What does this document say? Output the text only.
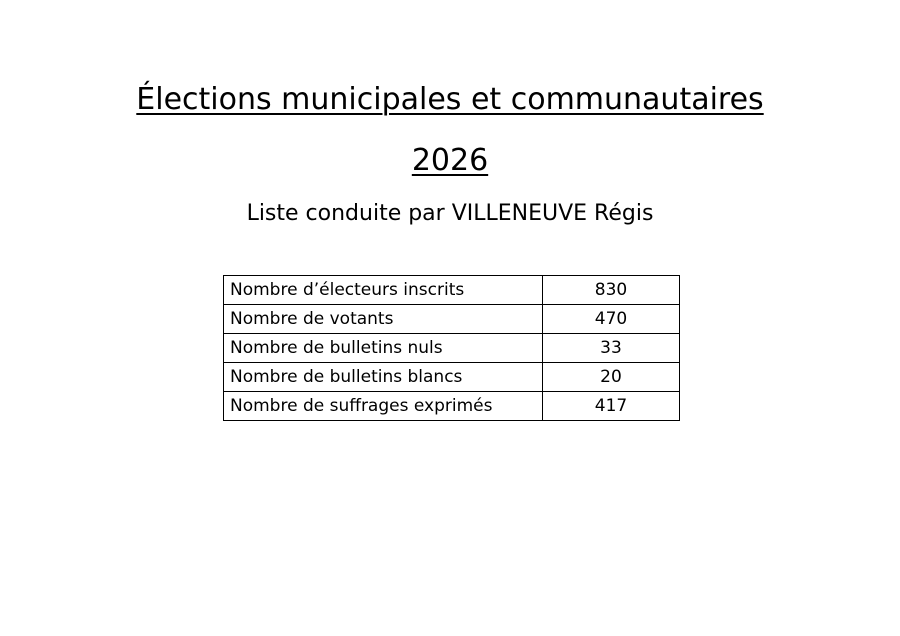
Élections municipales et communautaires
2026

Liste conduite par VILLENEUVE Régis

Nombre d’électeurs inscrits	830
Nombre de votants	470
Nombre de bulletins nuls	33
Nombre de bulletins blancs	20
Nombre de suffrages exprimés	417
